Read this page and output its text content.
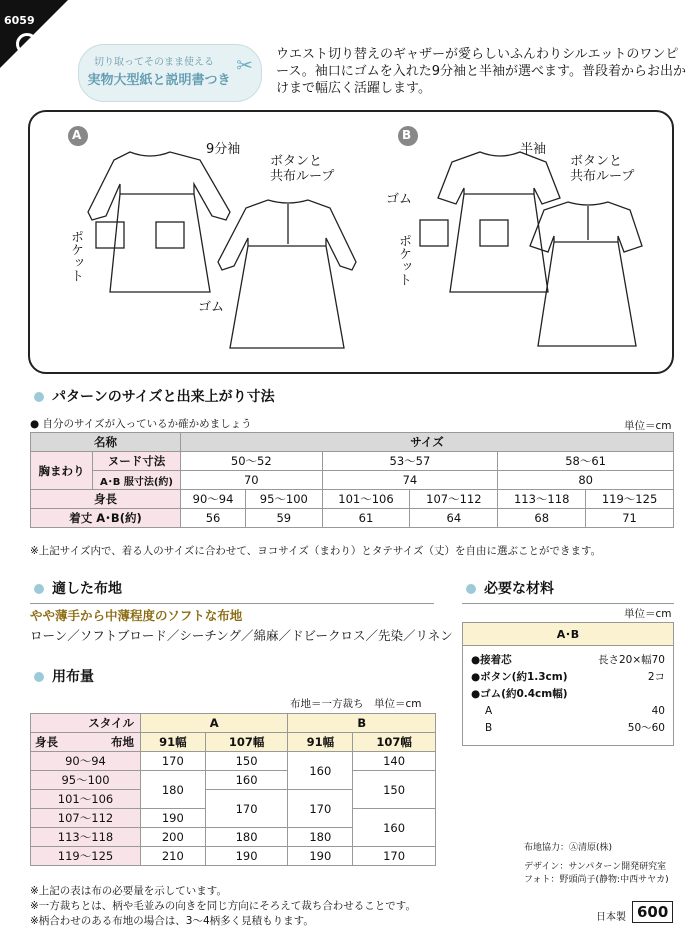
6059
切り取ってそのまま使える
実物大型紙と説明書つき
✂ ウエスト切り替えのギャザーが愛らしいふんわりシルエットのワンピース。袖口にゴムを入れた9分袖と半袖が選べます。普段着からお出かけまで幅広く活躍します。
A	B
9分袖
ボタンと
共布ループ
ポケット
ゴム
半袖
ボタンと
共布ループ
ゴム
ポケット
パターンのサイズと出来上がり寸法
● 自分のサイズが入っているか確かめましょう	単位＝cm
名称		サイズ					
胸まわり	ヌード寸法	50〜52		53〜57		58〜61	
	A･B 服寸法(約)	70		74		80	
身長		90〜94	95〜100	101〜106	107〜112	113〜118	119〜125
着丈 A･B(約)		56	59	61	64	68	71
※上記サイズ内で、着る人のサイズに合わせて、ヨコサイズ（まわり）とタテサイズ（丈）を自由に選ぶことができます。
適した布地
やや薄手から中薄程度のソフトな布地
ローン／ソフトブロード／シーチング／綿麻／ドビークロス／先染／リネン
用布量
布地＝一方裁ち　単位＝cm
スタイル	A		B	

身長 布地	91幅	107幅	91幅	107幅
90〜94	170	150	160	140
95〜100	180	160		150
101〜106		170	170	
107〜112	190			160
113〜118	200	180	180	
119〜125	210	190	190	170
※上記の表は布の必要量を示しています。
※一方裁ちとは、柄や毛並みの向きを同じ方向にそろえて裁ち合わせることです。
※柄合わせのある布地の場合は、3〜4柄多く見積もります。
必要な材料
単位＝cm
A･B
●接着芯	長さ20×幅70
●ボタン(約1.3cm)	2コ
●ゴム(約0.4cm幅)
A	40
B	50〜60
布地協力：Ⓐ清原(株)
デザイン：サンパターン開発研究室
フォト：野頭尚子(静物:中西サヤカ)
日本製 600
